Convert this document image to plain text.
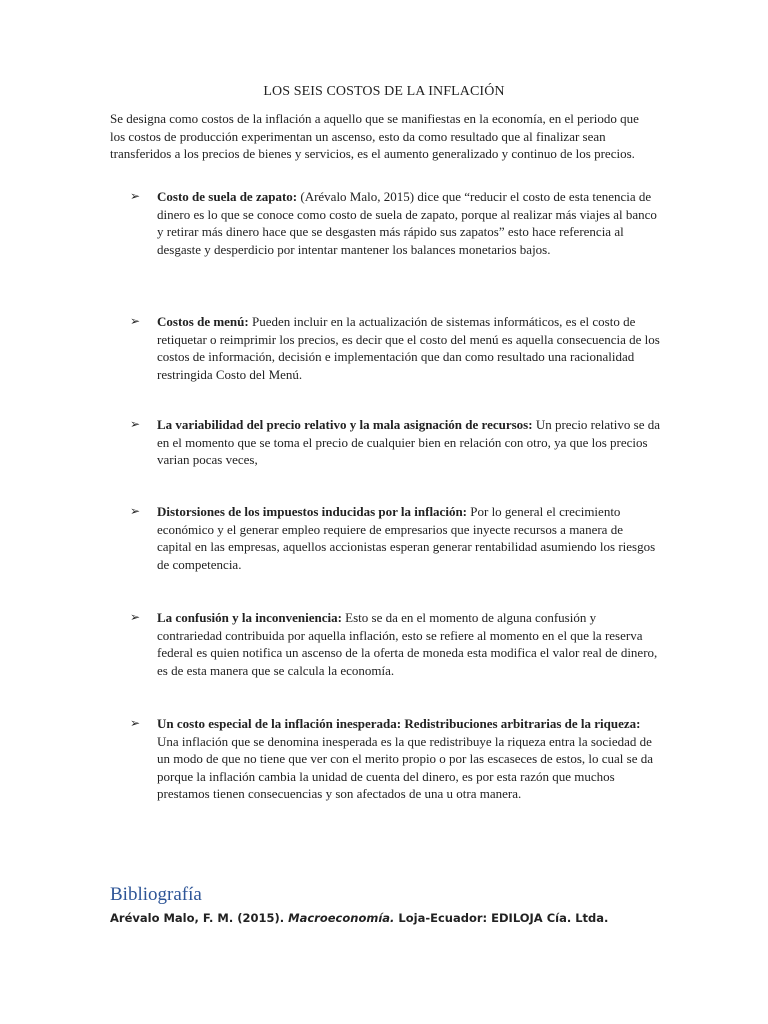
LOS SEIS COSTOS DE LA INFLACIÓN
Se designa como costos de la inflación a aquello que se manifiestas en la economía, en el periodo que los costos de producción experimentan un ascenso, esto da como resultado que al finalizar sean transferidos a los precios de bienes y servicios, es el aumento generalizado y continuo de los precios.
➢	Costo de suela de zapato: (Arévalo Malo, 2015) dice que “reducir el costo de esta tenencia de dinero es lo que se conoce como costo de suela de zapato, porque al realizar más viajes al banco y retirar más dinero hace que se desgasten más rápido sus zapatos” esto hace referencia al desgaste y desperdicio por intentar mantener los balances monetarios bajos.
➢	Costos de menú: Pueden incluir en la actualización de sistemas informáticos, es el costo de retiquetar o reimprimir los precios, es decir que el costo del menú es aquella consecuencia de los costos de información, decisión e implementación que dan como resultado una racionalidad restringida Costo del Menú.
➢	La variabilidad del precio relativo y la mala asignación de recursos: Un precio relativo se da en el momento que se toma el precio de cualquier bien en relación con otro, ya que los precios varian pocas veces,
➢	Distorsiones de los impuestos inducidas por la inflación: Por lo general el crecimiento económico y el generar empleo requiere de empresarios que inyecte recursos a manera de capital en las empresas, aquellos accionistas esperan generar rentabilidad asumiendo los riesgos de competencia.
➢	La confusión y la inconveniencia: Esto se da en el momento de alguna confusión y contrariedad contribuida por aquella inflación, esto se refiere al momento en el que la reserva federal es quien notifica un ascenso de la oferta de moneda esta modifica el valor real de dinero, es de esta manera que se calcula la economía.
➢	Un costo especial de la inflación inesperada: Redistribuciones arbitrarias de la riqueza: Una inflación que se denomina inesperada es la que redistribuye la riqueza entra la sociedad de un modo de que no tiene que ver con el merito propio o por las escaseces de estos, lo cual se da porque la inflación cambia la unidad de cuenta del dinero, es por esta razón que muchos prestamos tienen consecuencias y son afectados de una u otra manera.
Bibliografía
Arévalo Malo, F. M. (2015). Macroeconomía. Loja-Ecuador: EDILOJA Cía. Ltda.
